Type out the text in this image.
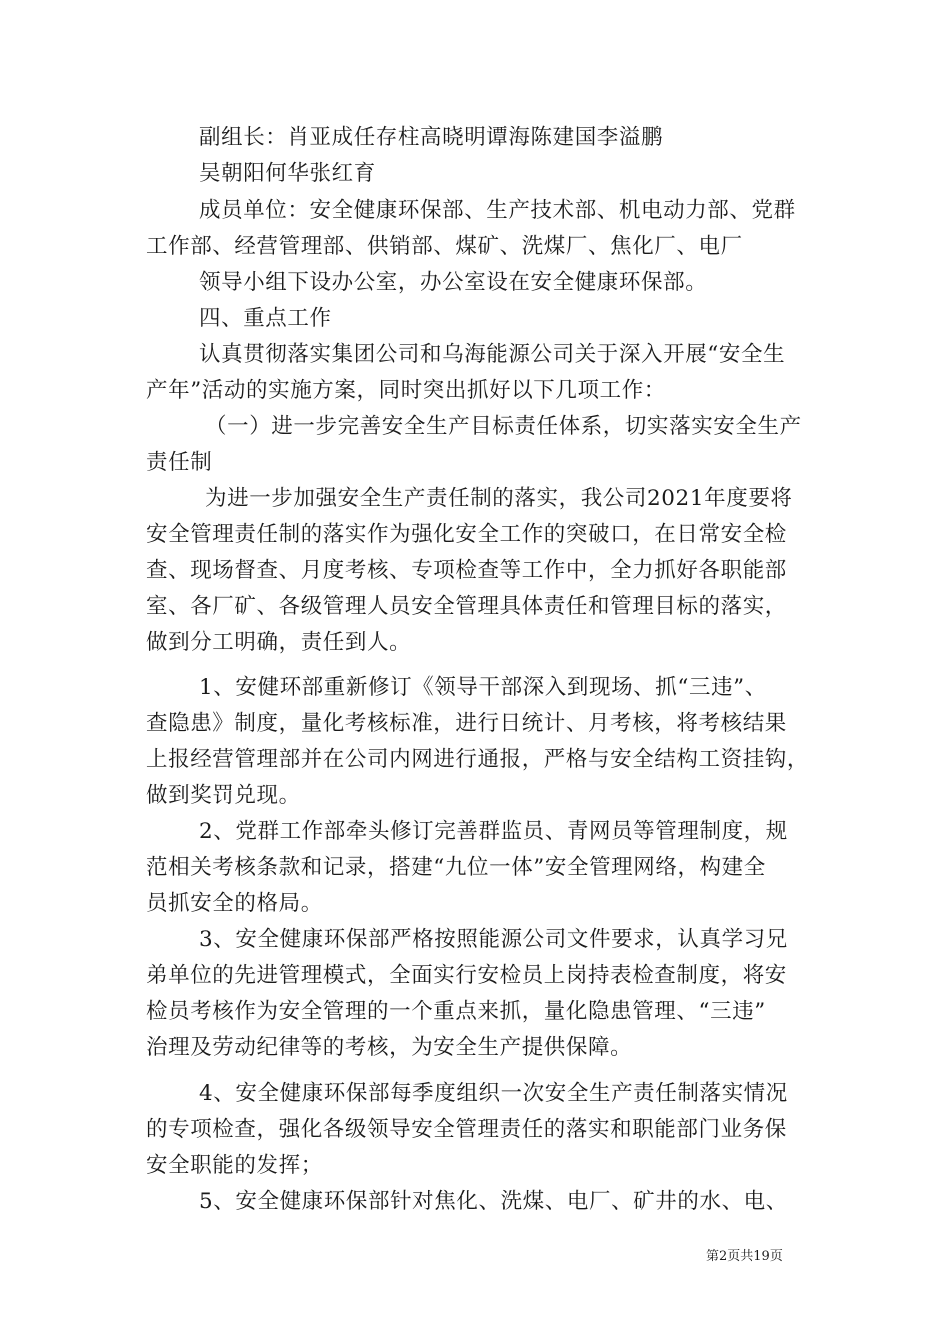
副组长：肖亚成任存柱高晓明谭海陈建国李溢鹏
吴朝阳何华张红育
成员单位：安全健康环保部、生产技术部、机电动力部、党群
工作部、经营管理部、供销部、煤矿、洗煤厂、焦化厂、电厂
领导小组下设办公室，办公室设在安全健康环保部。
四、重点工作
认真贯彻落实集团公司和乌海能源公司关于深入开展“安全生
产年”活动的实施方案，同时突出抓好以下几项工作：
（一）进一步完善安全生产目标责任体系，切实落实安全生产
责任制
为进一步加强安全生产责任制的落实，我公司2021年度要将
安全管理责任制的落实作为强化安全工作的突破口，在日常安全检
查、现场督查、月度考核、专项检查等工作中，全力抓好各职能部
室、各厂矿、各级管理人员安全管理具体责任和管理目标的落实，
做到分工明确，责任到人。
1、安健环部重新修订《领导干部深入到现场、抓“三违”、
查隐患》制度，量化考核标准，进行日统计、月考核，将考核结果
上报经营管理部并在公司内网进行通报，严格与安全结构工资挂钩，
做到奖罚兑现。
2、党群工作部牵头修订完善群监员、青网员等管理制度，规
范相关考核条款和记录，搭建“九位一体”安全管理网络，构建全
员抓安全的格局。
3、安全健康环保部严格按照能源公司文件要求，认真学习兄
弟单位的先进管理模式，全面实行安检员上岗持表检查制度，将安
检员考核作为安全管理的一个重点来抓，量化隐患管理、“三违”
治理及劳动纪律等的考核，为安全生产提供保障。
4、安全健康环保部每季度组织一次安全生产责任制落实情况
的专项检查，强化各级领导安全管理责任的落实和职能部门业务保
安全职能的发挥；
5、安全健康环保部针对焦化、洗煤、电厂、矿井的水、电、
第2页共19页
